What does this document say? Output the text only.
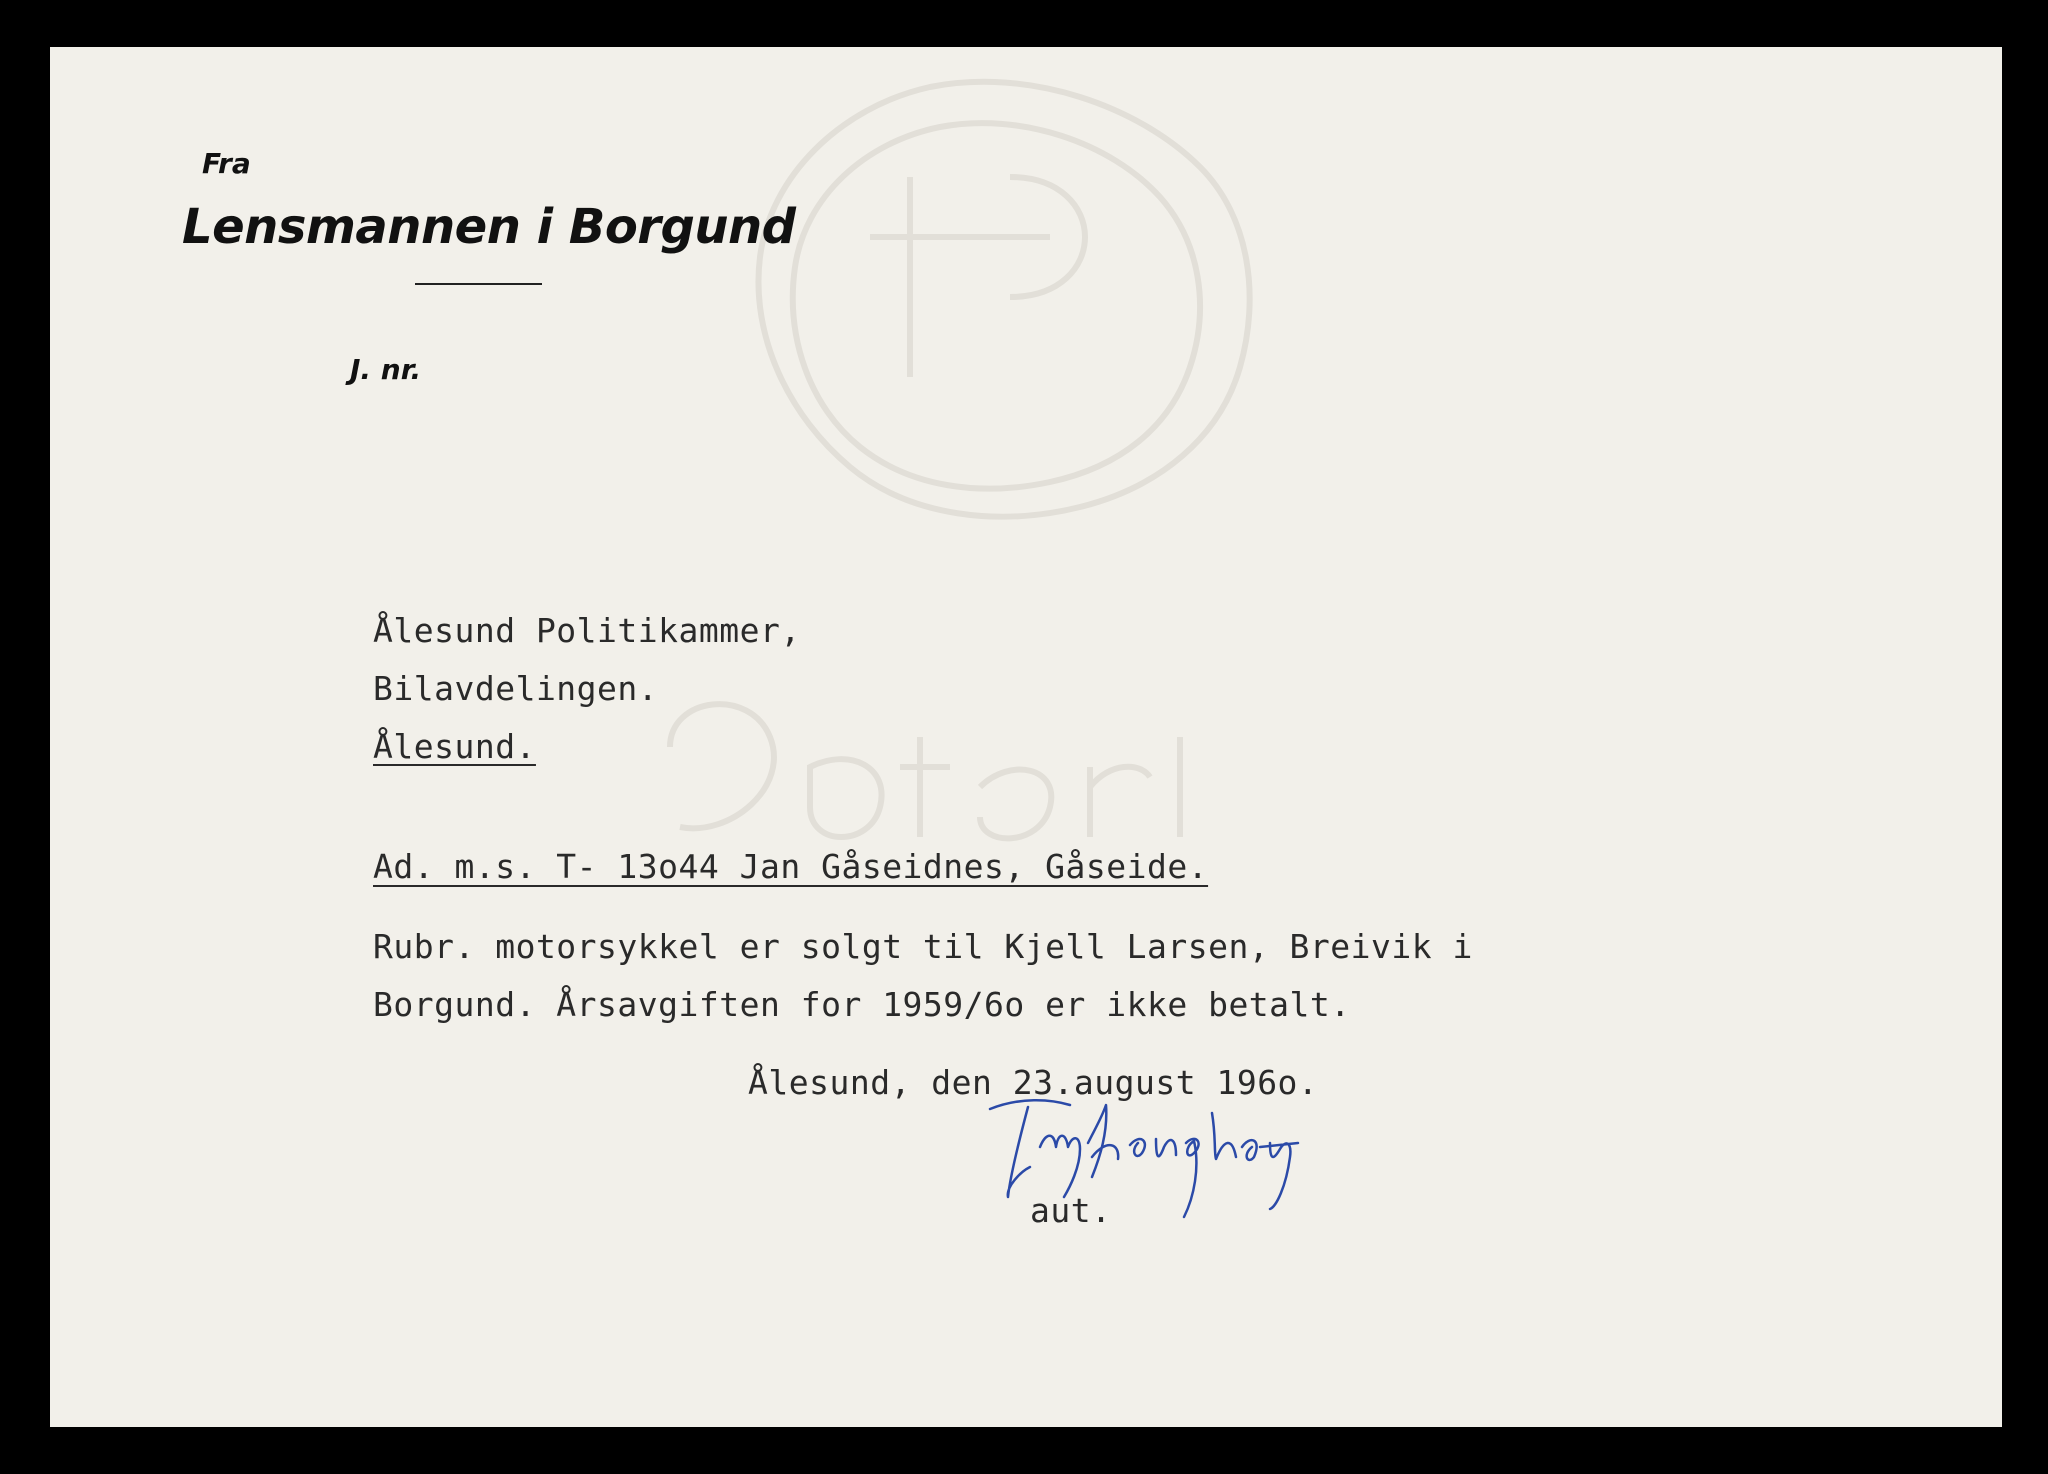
Fra
Lensmannen i Borgund
J. nr.
Ålesund Politikammer,
Bilavdelingen.
Ålesund.
Ad. m.s. T- 13o44 Jan Gåseidnes, Gåseide.
Rubr. motorsykkel er solgt til Kjell Larsen, Breivik i
Borgund. Årsavgiften for 1959/6o er ikke betalt.
Ålesund, den 23.august 196o.
aut.
